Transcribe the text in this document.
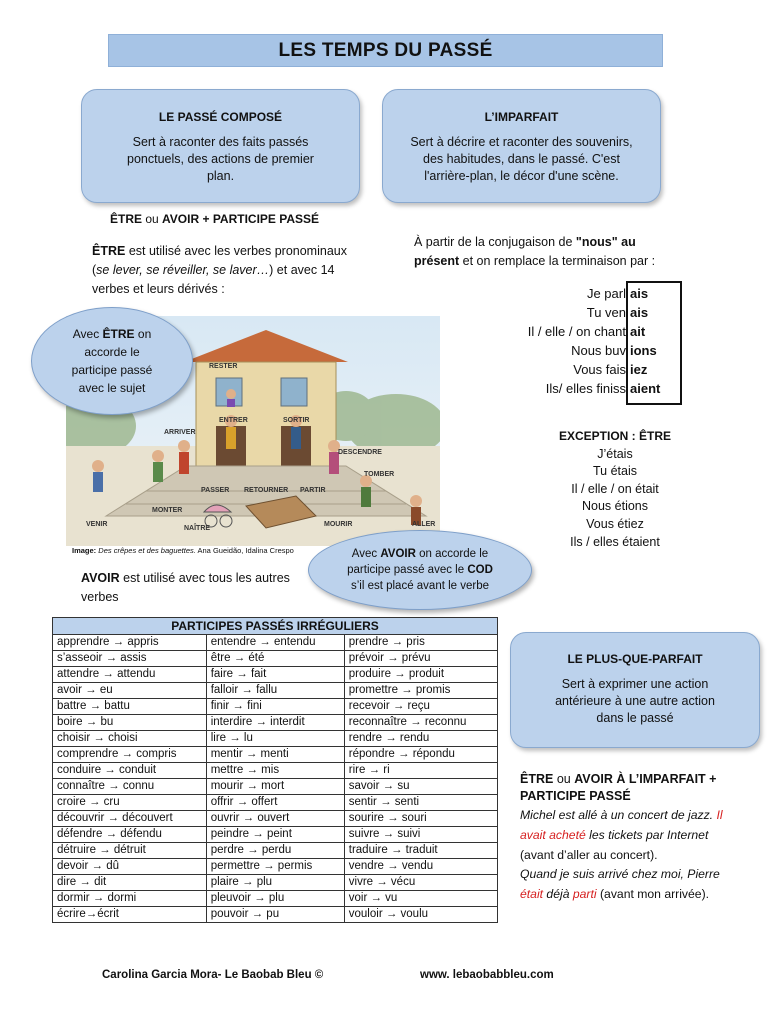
LES TEMPS DU PASSÉ
LE PASSÉ COMPOSÉ
Sert à raconter des faits passés
ponctuels, des actions de premier
plan.
L’IMPARFAIT
Sert à décrire et raconter des souvenirs,
des habitudes, dans le passé. C'est
l'arrière-plan, le décor d'une scène.
ÊTRE ou AVOIR + PARTICIPE PASSÉ
ÊTRE est utilisé avec les verbes pronominaux
(se lever, se réveiller, se laver…) et avec 14
verbes et leurs dérivés :
RESTER
ENTRER	SORTIR
ARRIVER
DESCENDRE
TOMBER
PASSER RETOURNER PARTIR
MONTER
VENIR
NAÎTRE
MOURIR	ALLER
Image: Des crêpes et des baguettes. Ana Gueidão, Idalina Crespo
Avec ÊTRE on
accorde le
participe passé
avec le sujet
À partir de la conjugaison de "nous" au
présent et on remplace la terminaison par :
Je parl ais
Tu ven ais
Il / elle / on chant ait
Nous buv ions
Vous fais iez
Ils/ elles finiss aient
EXCEPTION : ÊTRE
J’étais
Tu étais
Il / elle / on était
Nous étions
Vous étiez
Ils / elles étaient
Avec AVOIR on accorde le
participe passé avec le COD
s’il est placé avant le verbe
AVOIR est utilisé avec tous les autres
verbes
PARTICIPES PASSÉS IRRÉGULIERS		
apprendre → appris	entendre → entendu	prendre → pris
s’asseoir → assis	être → été	prévoir → prévu
attendre → attendu	faire → fait	produire → produit
avoir → eu	falloir → fallu	promettre → promis
battre → battu	finir → fini	recevoir → reçu
boire → bu	interdire → interdit	reconnaître → reconnu
choisir → choisi	lire → lu	rendre → rendu
comprendre → compris	mentir → menti	répondre → répondu
conduire → conduit	mettre → mis	rire → ri
connaître → connu	mourir → mort	savoir → su
croire → cru	offrir → offert	sentir → senti
découvrir → découvert	ouvrir → ouvert	sourire → souri
défendre → défendu	peindre → peint	suivre → suivi
détruire → détruit	perdre → perdu	traduire → traduit
devoir → dû	permettre → permis	vendre → vendu
dire → dit	plaire → plu	vivre → vécu
dormir → dormi	pleuvoir → plu	voir → vu
écrire→écrit	pouvoir → pu	vouloir → voulu
LE PLUS-QUE-PARFAIT
Sert à exprimer une action
antérieure à une autre action
dans le passé
ÊTRE ou AVOIR À L’IMPARFAIT +
PARTICIPE PASSÉ
Michel est allé à un concert de jazz. Il
avait acheté les tickets par Internet
(avant d’aller au concert).
Quand je suis arrivé chez moi, Pierre
était déjà parti (avant mon arrivée).
Carolina Garcia Mora- Le Baobab Bleu ©	www. lebaobabbleu.com
